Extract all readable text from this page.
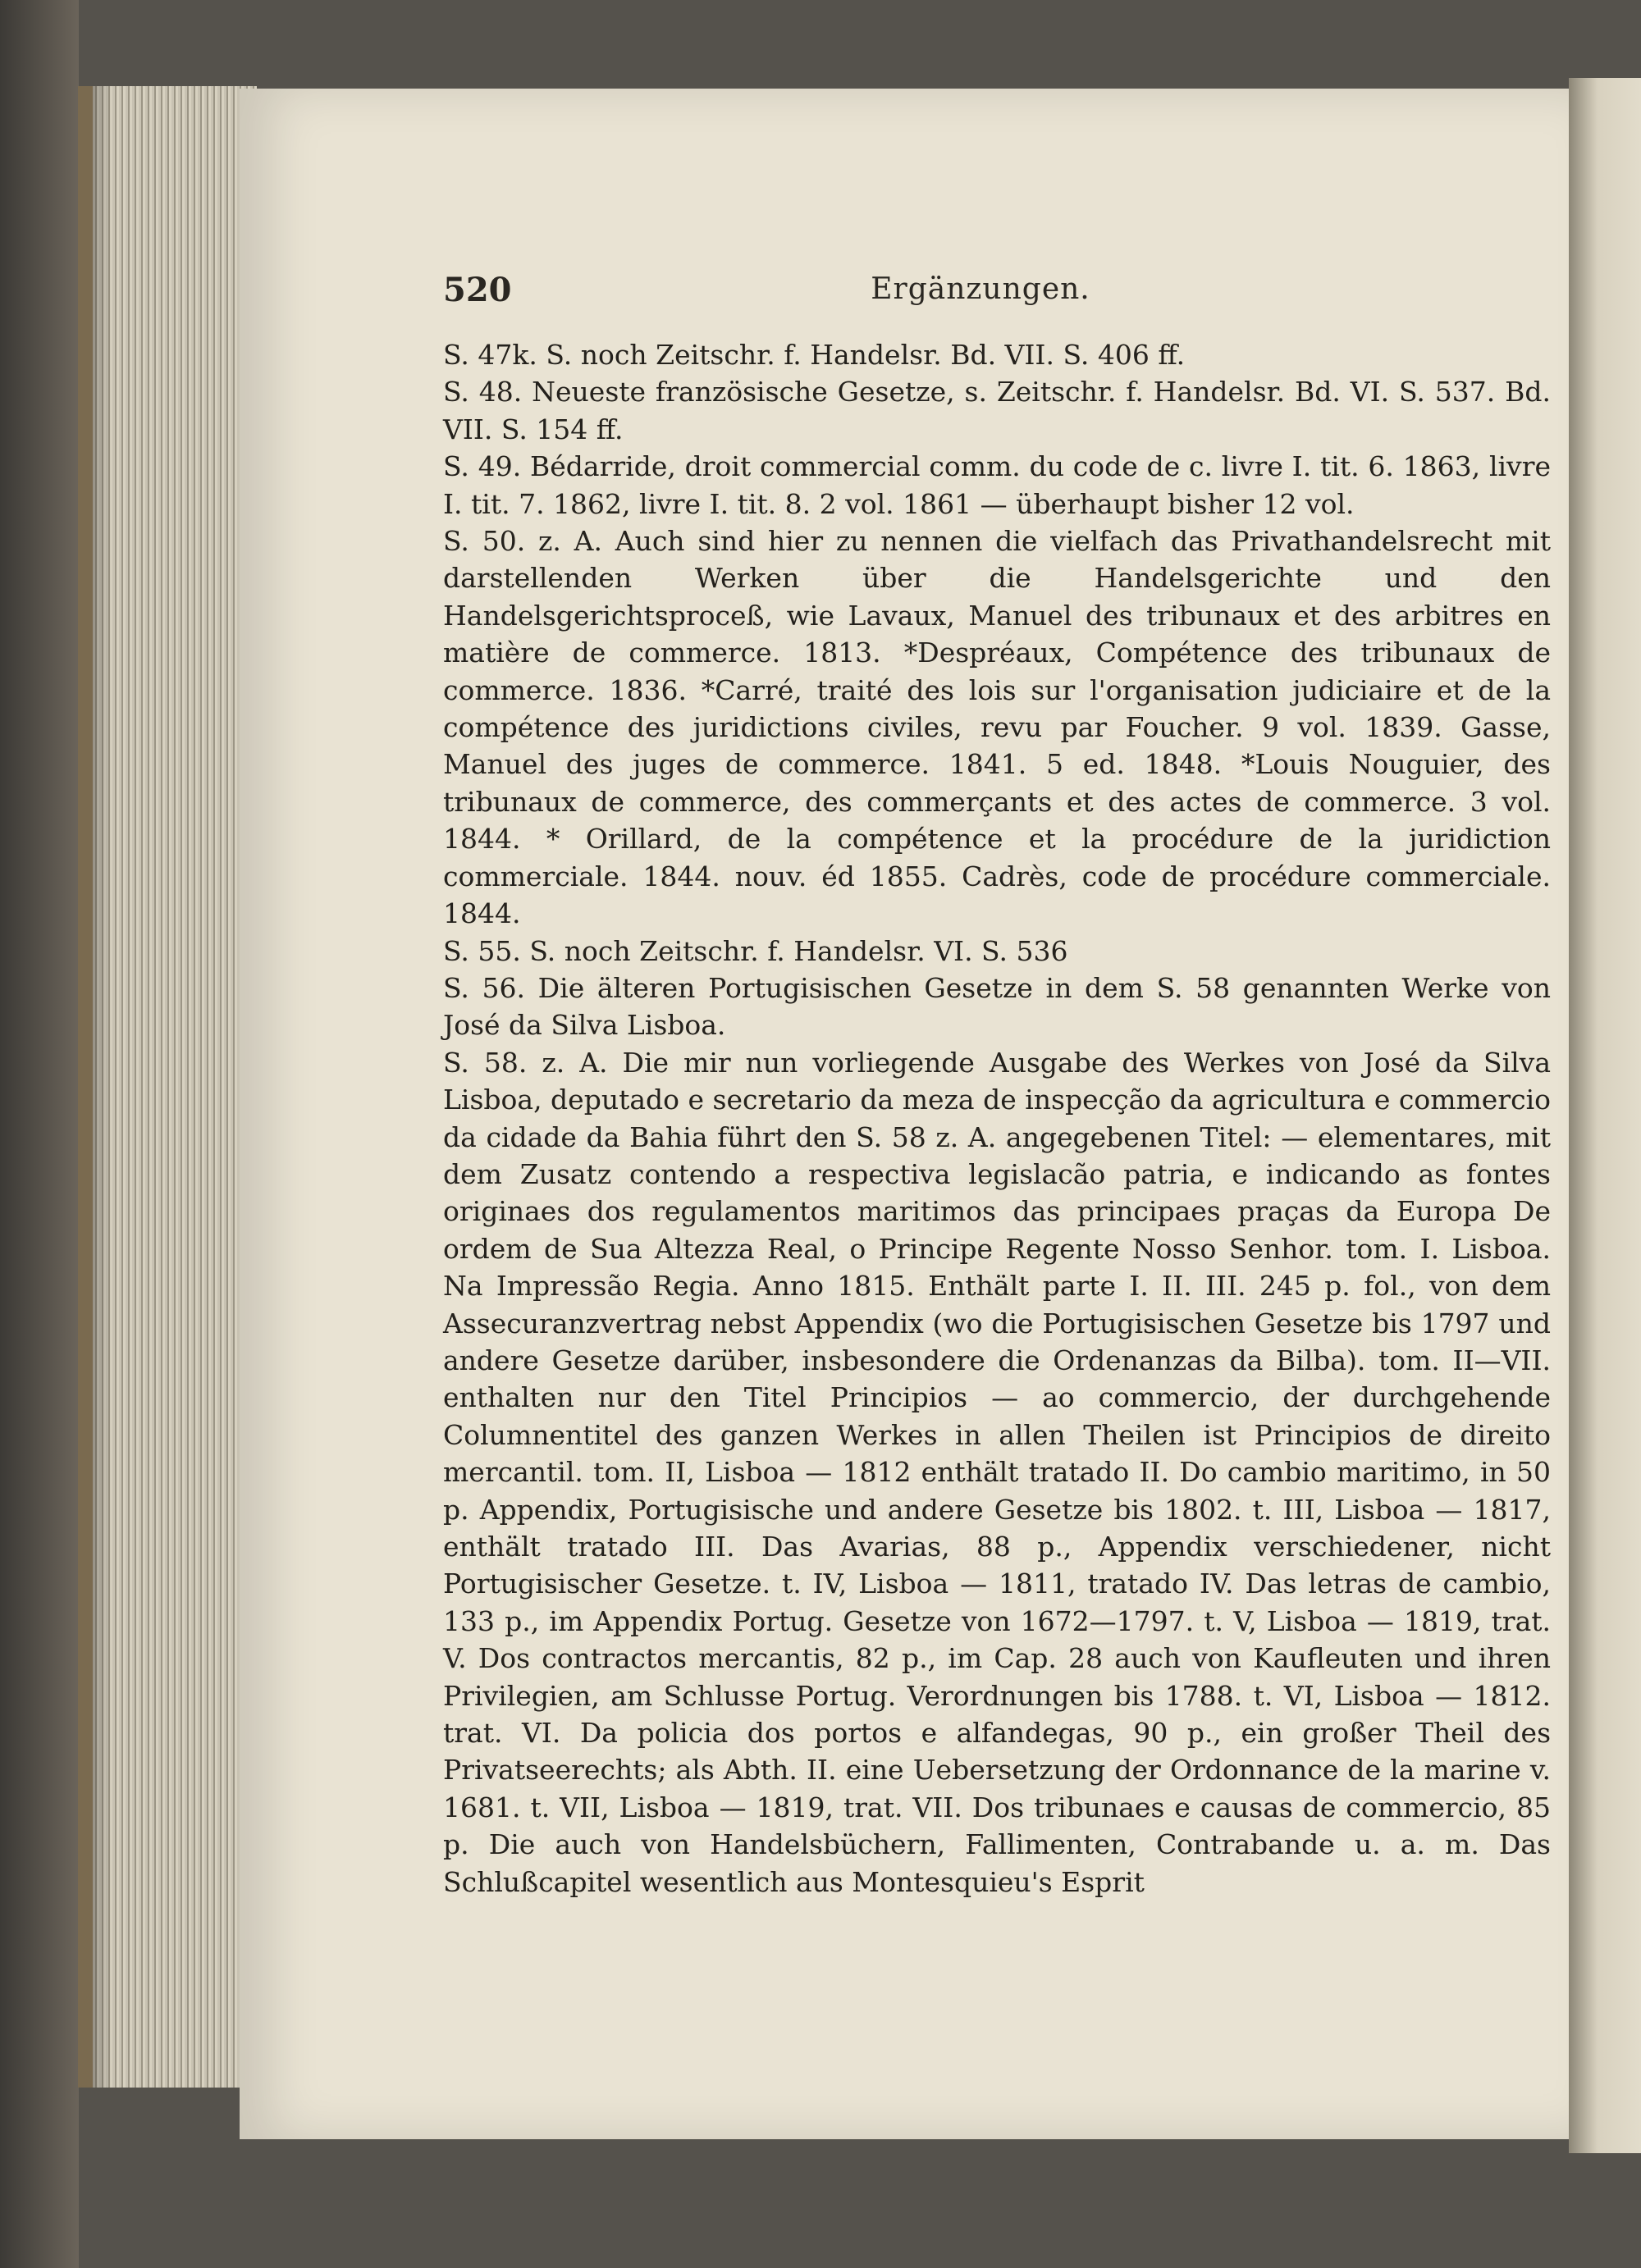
520	Ergänzungen.

S. 47k. S. noch Zeitschr. f. Handelsr. Bd. VII. S. 406 ff.

S. 48. Neueste französische Gesetze, s. Zeitschr. f. Handelsr. Bd. VI. S. 537. Bd. VII. S. 154 ff.

S. 49. Bédarride, droit commercial comm. du code de c. livre I. tit. 6. 1863, livre I. tit. 7. 1862, livre I. tit. 8. 2 vol. 1861 — überhaupt bisher 12 vol.

S. 50. z. A. Auch sind hier zu nennen die vielfach das Privathandelsrecht mit darstellenden Werken über die Handelsgerichte und den Handelsgerichtsproceß, wie Lavaux, Manuel des tribunaux et des arbitres en matière de commerce. 1813. *Despréaux, Compétence des tribunaux de commerce. 1836. *Carré, traité des lois sur l'organisation judiciaire et de la compétence des juridictions civiles, revu par Foucher. 9 vol. 1839. Gasse, Manuel des juges de commerce. 1841. 5 ed. 1848. *Louis Nouguier, des tribunaux de commerce, des commerçants et des actes de commerce. 3 vol. 1844. * Orillard, de la compétence et la procédure de la juridiction commerciale. 1844. nouv. éd 1855. Cadrès, code de procédure commerciale. 1844.

S. 55. S. noch Zeitschr. f. Handelsr. VI. S. 536

S. 56. Die älteren Portugisischen Gesetze in dem S. 58 genannten Werke von José da Silva Lisboa.

S. 58. z. A. Die mir nun vorliegende Ausgabe des Werkes von José da Silva Lisboa, deputado e secretario da meza de inspecção da agricultura e commercio da cidade da Bahia führt den S. 58 z. A. angegebenen Titel: — elementares, mit dem Zusatz contendo a respectiva legislacão patria, e indicando as fontes originaes dos regulamentos maritimos das principaes praças da Europa De ordem de Sua Altezza Real, o Principe Regente Nosso Senhor. tom. I. Lisboa. Na Impressão Regia. Anno 1815. Enthält parte I. II. III. 245 p. fol., von dem Assecuranzvertrag nebst Appendix (wo die Portugisischen Gesetze bis 1797 und andere Gesetze darüber, insbesondere die Ordenanzas da Bilba). tom. II—VII. enthalten nur den Titel Principios — ao commercio, der durchgehende Columnentitel des ganzen Werkes in allen Theilen ist Principios de direito mercantil. tom. II, Lisboa — 1812 enthält tratado II. Do cambio maritimo, in 50 p. Appendix, Portugisische und andere Gesetze bis 1802. t. III, Lisboa — 1817, enthält tratado III. Das Avarias, 88 p., Appendix verschiedener, nicht Portugisischer Gesetze. t. IV, Lisboa — 1811, tratado IV. Das letras de cambio, 133 p., im Appendix Portug. Gesetze von 1672—1797. t. V, Lisboa — 1819, trat. V. Dos contractos mercantis, 82 p., im Cap. 28 auch von Kaufleuten und ihren Privilegien, am Schlusse Portug. Verordnungen bis 1788. t. VI, Lisboa — 1812. trat. VI. Da policia dos portos e alfandegas, 90 p., ein großer Theil des Privatseerechts; als Abth. II. eine Uebersetzung der Ordonnance de la marine v. 1681. t. VII, Lisboa — 1819, trat. VII. Dos tribunaes e causas de commercio, 85 p. Die auch von Handelsbüchern, Fallimenten, Contrabande u. a. m. Das Schlußcapitel wesentlich aus Montesquieu's Esprit
